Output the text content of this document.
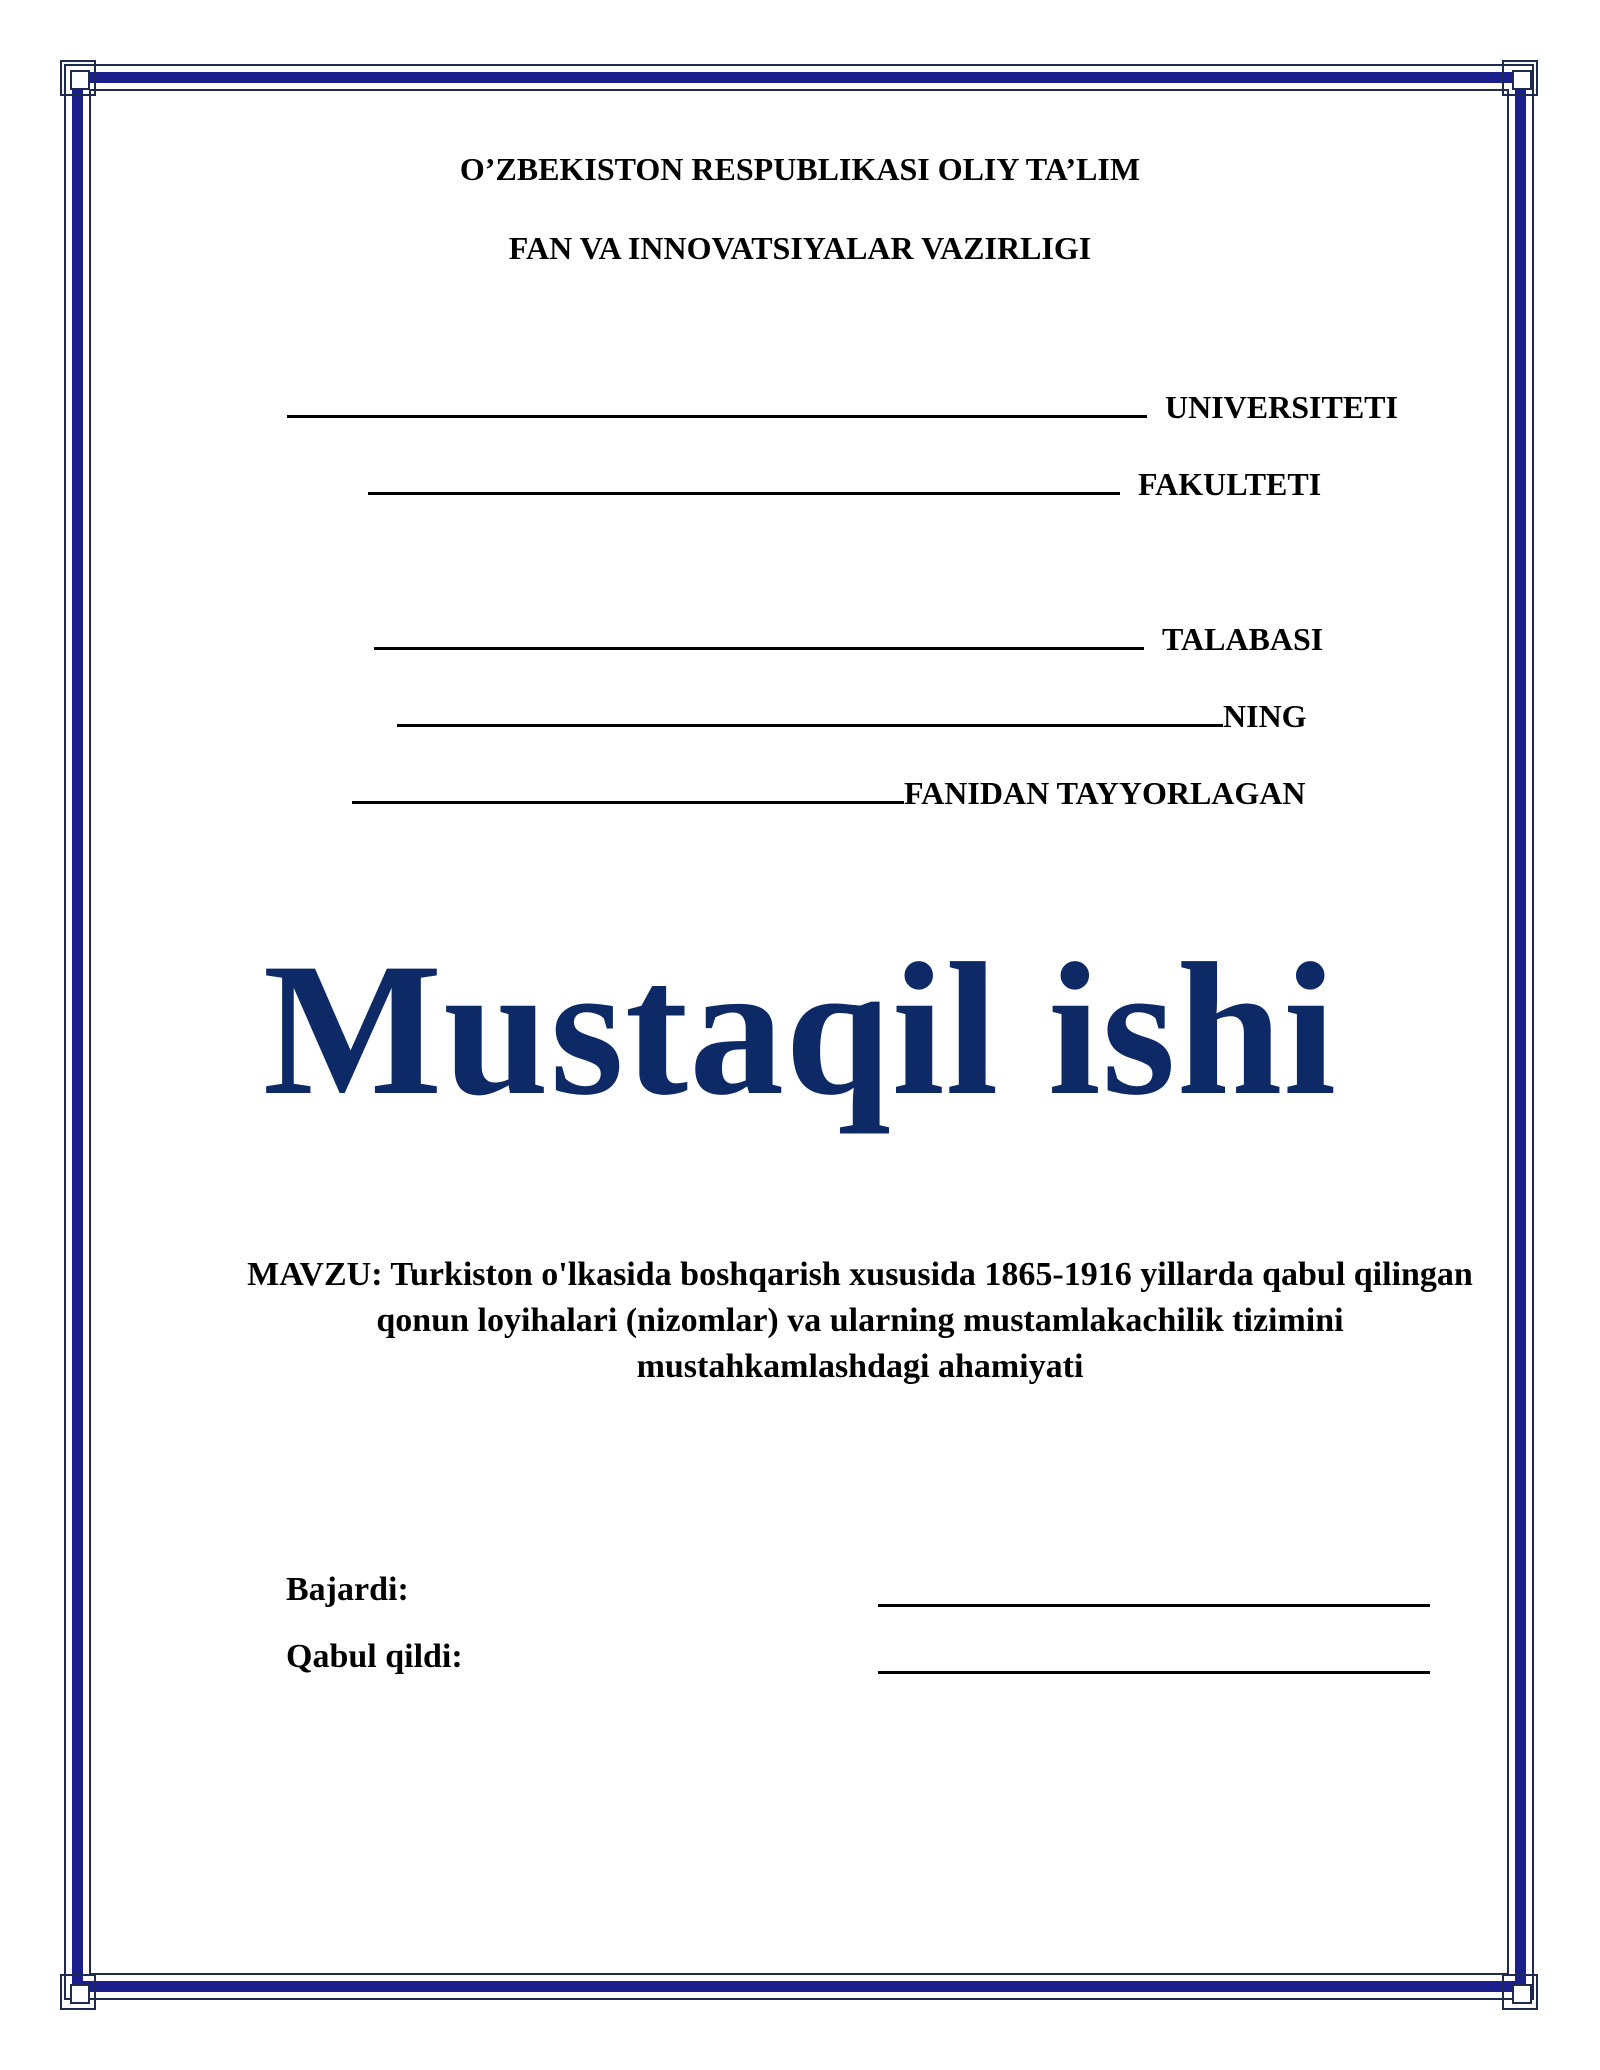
O’ZBEKISTON RESPUBLIKASI OLIY TA’LIM
FAN VA INNOVATSIYALAR VAZIRLIGI
UNIVERSITETI
FAKULTETI
TALABASI
NING
FANIDAN TAYYORLAGAN
Mustaqil ishi
MAVZU: Turkiston o'lkasida boshqarish xususida 1865-1916 yillarda qabul qilingan qonun loyihalari (nizomlar) va ularning mustamlakachilik tizimini mustahkamlashdagi ahamiyati
Bajardi:
Qabul qildi:
